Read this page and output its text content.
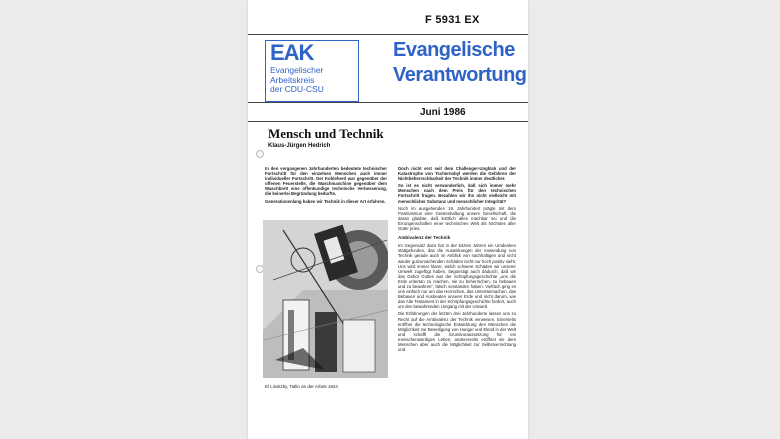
F 5931 EX
EAK
Evangelischer
Arbeitskreis
der CDU-CSU
Evangelische
Verantwortung
Juni 1986
Mensch und Technik
Klaus-Jürgen Hedrich

In den vergangenen Jahrhunderten bedeutete technischer Fortschritt für den einzelnen Menschen auch immer individueller Fortschritt. Der Kohleherd war gegenüber der offenen Feuerstelle, die Waschmaschine gegenüber dem Waschbrett eine offenkundige technische Verbesserung, die keinerlei Begründung bedurfte.

Generationenlang haben wir Technik in dieser Art erfahren.

El Lissitzky, Tatlin an der Arbeit 1924

Doch nicht erst seit dem Challenger-Unglück und der Katastrophe von Tschernobyl werden die Gefahren der Nichtbeherrschbarkeit der Technik immer deutlicher.

So ist es nicht verwunderlich, daß sich immer mehr Menschen nach dem Preis für den technischen Fortschritt fragen. Bezahlen wir ihn nicht vielleicht mit menschlicher Substanz und menschlicher Integrität?

Noch im ausgehenden 19. Jahrhundert prägte mit dem Positivismus eine Geisteshaltung unsere Gesellschaft, die daran glaubte, daß letztlich alles machbar sei und die Errungenschaften einer technischen Welt als höchstes aller Güter pries.

Ambivalenz der Technik

Im Gegensatz dazu hat in der letzten Jahren ein Umdenken stattgefunden, das die Auswirkungen der Anwendung von Technik gerade auch im Anblick von nachhaltigen und nicht wieder gutzumachenden Schäden nicht nur hoch positiv sieht. Uns wird immer klarer, welch schwere Schäden wir unserer Umwelt zugefügt haben, begünstigt auch dadurch, daß wir das Gebot Gottes aus der Schöpfungsgeschichte „uns die Erde untertan zu machen, sie zu beherrschen, zu bebauen und zu bewahren“, falsch verstanden haben. Vielfach ging es uns einfach nur um das Herrschen, das Untertanmachen, das Bebauen und Ausbeuten unserer Erde und nicht darum, wie das Alte Testament in der Schöpfungsgeschichte fordert, auch um den bewahrenden Umgang mit der Umwelt.

Die Erfahrungen der letzten drei Jahrhunderte lassen uns zu Recht auf die Ambivalenz der Technik verweisen. Einerseits eröffnet die technologische Entwicklung den Menschen die Möglichkeit zur Beseitigung von Hunger und Elend in der Welt und schafft die Grundvoraussetzung für ein menschenwürdiges Leben, andererseits eröffnet sie dem Menschen aber auch die Möglichkeit zur Selbstvernichtung und
